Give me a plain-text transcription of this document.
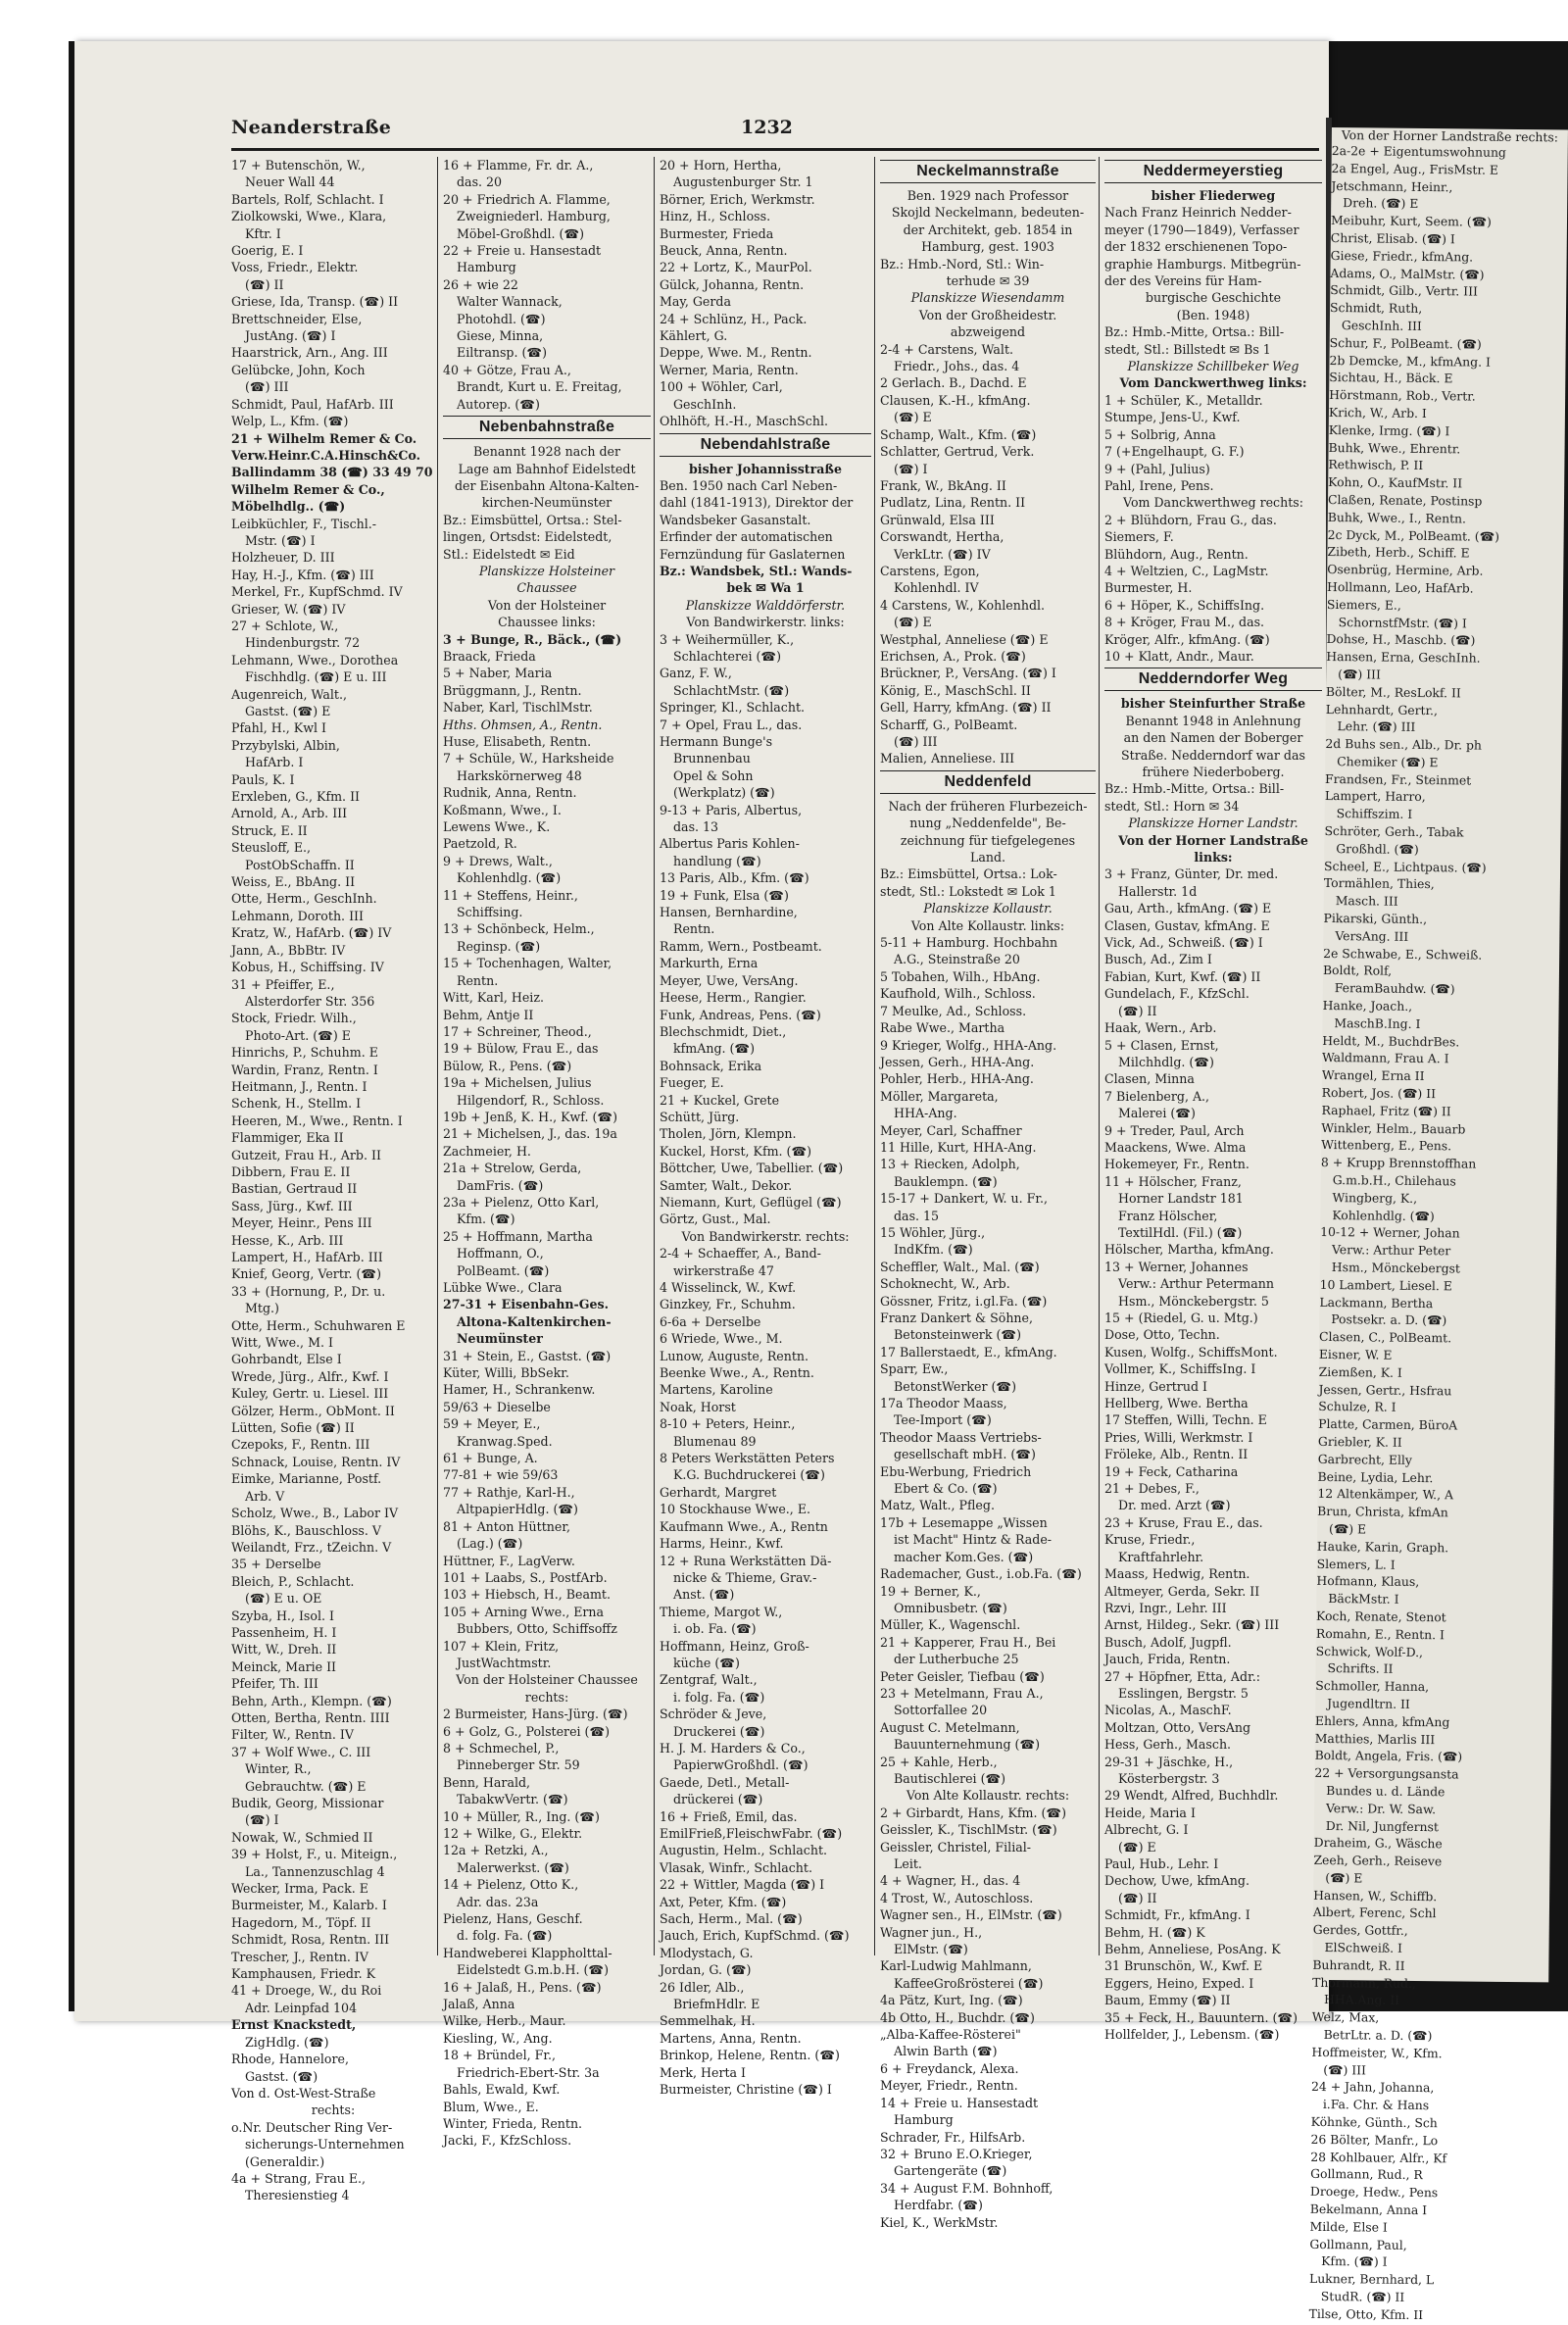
Neanderstraße	1232
17 + Butenschön, W.,
Neuer Wall 44
Bartels, Rolf, Schlacht. I
Ziolkowski, Wwe., Klara,
Kftr. I
Goerig, E. I
Voss, Friedr., Elektr.
(☎) II
Griese, Ida, Transp. (☎) II
Brettschneider, Else,
JustAng. (☎) I
Haarstrick, Arn., Ang. III
Gelübcke, John, Koch
(☎) III
Schmidt, Paul, HafArb. III
Welp, L., Kfm. (☎)
21 + Wilhelm Remer & Co.
Verw.Heinr.C.A.Hinsch&Co.
Ballindamm 38 (☎) 33 49 70
Wilhelm Remer & Co.,
Möbelhdlg.. (☎)
Leibküchler, F., Tischl.-
Mstr. (☎) I
Holzheuer, D. III
Hay, H.-J., Kfm. (☎) III
Merkel, Fr., KupfSchmd. IV
Grieser, W. (☎) IV
27 + Schlote, W.,
Hindenburgstr. 72
Lehmann, Wwe., Dorothea
Fischhdlg. (☎) E u. III
Augenreich, Walt.,
Gastst. (☎) E
Pfahl, H., Kwl I
Przybylski, Albin,
HafArb. I
Pauls, K. I
Erxleben, G., Kfm. II
Arnold, A., Arb. III
Struck, E. II
Steusloff, E.,
PostObSchaffn. II
Weiss, E., BbAng. II
Otte, Herm., GeschInh.
Lehmann, Doroth. III
Kratz, W., HafArb. (☎) IV
Jann, A., BbBtr. IV
Kobus, H., Schiffsing. IV
31 + Pfeiffer, E.,
Alsterdorfer Str. 356
Stock, Friedr. Wilh.,
Photo-Art. (☎) E
Hinrichs, P., Schuhm. E
Wardin, Franz, Rentn. I
Heitmann, J., Rentn. I
Schenk, H., Stellm. I
Heeren, M., Wwe., Rentn. I
Flammiger, Eka II
Gutzeit, Frau H., Arb. II
Dibbern, Frau E. II
Bastian, Gertraud II
Sass, Jürg., Kwf. III
Meyer, Heinr., Pens III
Hesse, K., Arb. III
Lampert, H., HafArb. III
Knief, Georg, Vertr. (☎)
33 + (Hornung, P., Dr. u.
Mtg.)
Otte, Herm., Schuhwaren E
Witt, Wwe., M. I
Gohrbandt, Else I
Wrede, Jürg., Alfr., Kwf. I
Kuley, Gertr. u. Liesel. III
Gölzer, Herm., ObMont. II
Lütten, Sofie (☎) II
Czepoks, F., Rentn. III
Schnack, Louise, Rentn. IV
Eimke, Marianne, Postf.
Arb. V
Scholz, Wwe., B., Labor IV
Blöhs, K., Bauschloss. V
Weilandt, Frz., tZeichn. V
35 + Derselbe
Bleich, P., Schlacht.
(☎) E u. OE
Szyba, H., Isol. I
Passenheim, H. I
Witt, W., Dreh. II
Meinck, Marie II
Pfeifer, Th. III
Behn, Arth., Klempn. (☎)
Otten, Bertha, Rentn. IIII
Filter, W., Rentn. IV
37 + Wolf Wwe., C. III
Winter, R.,
Gebrauchtw. (☎) E
Budik, Georg, Missionar
(☎) I
Nowak, W., Schmied II
39 + Holst, F., u. Miteign.,
La., Tannenzuschlag 4
Wecker, Irma, Pack. E
Burmeister, M., Kalarb. I
Hagedorn, M., Töpf. II
Schmidt, Rosa, Rentn. III
Trescher, J., Rentn. IV
Kamphausen, Friedr. K
41 + Droege, W., du Roi
Adr. Leinpfad 104
Ernst Knackstedt,
ZigHdlg. (☎)
Rhode, Hannelore,
Gastst. (☎)
Von d. Ost-West-Straße
rechts:
o.Nr. Deutscher Ring Ver-
sicherungs-Unternehmen
(Generaldir.)
4a + Strang, Frau E.,
Theresienstieg 4
16 + Flamme, Fr. dr. A.,
das. 20
20 + Friedrich A. Flamme,
Zweigniederl. Hamburg,
Möbel-Großhdl. (☎)
22 + Freie u. Hansestadt
Hamburg
26 + wie 22
Walter Wannack,
Photohdl. (☎)
Giese, Minna,
Eiltransp. (☎)
40 + Götze, Frau A.,
Brandt, Kurt u. E. Freitag,
Autorep. (☎)
Nebenbahnstraße
Benannt 1928 nach der
Lage am Bahnhof Eidelstedt
der Eisenbahn Altona-Kalten-
kirchen-Neumünster
Bz.: Eimsbüttel, Ortsa.: Stel-
lingen, Ortsdst: Eidelstedt,
Stl.: Eidelstedt ✉ Eid
Planskizze Holsteiner
Chaussee
Von der Holsteiner
Chaussee links:
3 + Bunge, R., Bäck., (☎)
Braack, Frieda
5 + Naber, Maria
Brüggmann, J., Rentn.
Naber, Karl, TischlMstr.
Hths. Ohmsen, A., Rentn.
Huse, Elisabeth, Rentn.
7 + Schüle, W., Harksheide
Harkskörnerweg 48
Rudnik, Anna, Rentn.
Koßmann, Wwe., I.
Lewens Wwe., K.
Paetzold, R.
9 + Drews, Walt.,
Kohlenhdlg. (☎)
11 + Steffens, Heinr.,
Schiffsing.
13 + Schönbeck, Helm.,
Reginsp. (☎)
15 + Tochenhagen, Walter,
Rentn.
Witt, Karl, Heiz.
Behm, Antje II
17 + Schreiner, Theod.,
19 + Bülow, Frau E., das
Bülow, R., Pens. (☎)
19a + Michelsen, Julius
Hilgendorf, R., Schloss.
19b + Jenß, K. H., Kwf. (☎)
21 + Michelsen, J., das. 19a
Zachmeier, H.
21a + Strelow, Gerda,
DamFris. (☎)
23a + Pielenz, Otto Karl,
Kfm. (☎)
25 + Hoffmann, Martha
Hoffmann, O.,
PolBeamt. (☎)
Lübke Wwe., Clara
27-31 + Eisenbahn-Ges.
Altona-Kaltenkirchen-
Neumünster
31 + Stein, E., Gastst. (☎)
Küter, Willi, BbSekr.
Hamer, H., Schrankenw.
59/63 + Dieselbe
59 + Meyer, E.,
Kranwag.Sped.
61 + Bunge, A.
77-81 + wie 59/63
77 + Rathje, Karl-H.,
AltpapierHdlg. (☎)
81 + Anton Hüttner,
(Lag.) (☎)
Hüttner, F., LagVerw.
101 + Laabs, S., PostfArb.
103 + Hiebsch, H., Beamt.
105 + Arning Wwe., Erna
Bubbers, Otto, Schiffsoffz
107 + Klein, Fritz,
JustWachtmstr.
Von der Holsteiner Chaussee
rechts:
2 Burmeister, Hans-Jürg. (☎)
6 + Golz, G., Polsterei (☎)
8 + Schmechel, P.,
Pinneberger Str. 59
Benn, Harald,
TabakwVertr. (☎)
10 + Müller, R., Ing. (☎)
12 + Wilke, G., Elektr.
12a + Retzki, A.,
Malerwerkst. (☎)
14 + Pielenz, Otto K.,
Adr. das. 23a
Pielenz, Hans, Geschf.
d. folg. Fa. (☎)
Handweberei Klappholttal-
Eidelstedt G.m.b.H. (☎)
16 + Jalaß, H., Pens. (☎)
Jalaß, Anna
Wilke, Herb., Maur.
Kiesling, W., Ang.
18 + Bründel, Fr.,
Friedrich-Ebert-Str. 3a
Bahls, Ewald, Kwf.
Blum, Wwe., E.
Winter, Frieda, Rentn.
Jacki, F., KfzSchloss.
20 + Horn, Hertha,
Augustenburger Str. 1
Börner, Erich, Werkmstr.
Hinz, H., Schloss.
Burmester, Frieda
Beuck, Anna, Rentn.
22 + Lortz, K., MaurPol.
Gülck, Johanna, Rentn.
May, Gerda
24 + Schlünz, H., Pack.
Kählert, G.
Deppe, Wwe. M., Rentn.
Werner, Maria, Rentn.
100 + Wöhler, Carl,
GeschInh.
Ohlhöft, H.-H., MaschSchl.
Nebendahlstraße
bisher Johannisstraße
Ben. 1950 nach Carl Neben-
dahl (1841-1913), Direktor der
Wandsbeker Gasanstalt.
Erfinder der automatischen
Fernzündung für Gaslaternen
Bz.: Wandsbek, Stl.: Wands-
bek ✉ Wa 1
Planskizze Walddörferstr.
Von Bandwirkerstr. links:
3 + Weihermüller, K.,
Schlachterei (☎)
Ganz, F. W.,
SchlachtMstr. (☎)
Springer, Kl., Schlacht.
7 + Opel, Frau L., das.
Hermann Bunge's
Brunnenbau
Opel & Sohn
(Werkplatz) (☎)
9-13 + Paris, Albertus,
das. 13
Albertus Paris Kohlen-
handlung (☎)
13 Paris, Alb., Kfm. (☎)
19 + Funk, Elsa (☎)
Hansen, Bernhardine,
Rentn.
Ramm, Wern., Postbeamt.
Markurth, Erna
Meyer, Uwe, VersAng.
Heese, Herm., Rangier.
Funk, Andreas, Pens. (☎)
Blechschmidt, Diet.,
kfmAng. (☎)
Bohnsack, Erika
Fueger, E.
21 + Kuckel, Grete
Schütt, Jürg.
Tholen, Jörn, Klempn.
Kuckel, Horst, Kfm. (☎)
Böttcher, Uwe, Tabellier. (☎)
Samter, Walt., Dekor.
Niemann, Kurt, Geflügel (☎)
Görtz, Gust., Mal.
Von Bandwirkerstr. rechts:
2-4 + Schaeffer, A., Band-
wirkerstraße 47
4 Wisselinck, W., Kwf.
Ginzkey, Fr., Schuhm.
6-6a + Derselbe
6 Wriede, Wwe., M.
Lunow, Auguste, Rentn.
Beenke Wwe., A., Rentn.
Martens, Karoline
Noak, Horst
8-10 + Peters, Heinr.,
Blumenau 89
8 Peters Werkstätten Peters
K.G. Buchdruckerei (☎)
Gerhardt, Margret
10 Stockhause Wwe., E.
Kaufmann Wwe., A., Rentn
Harms, Heinr., Kwf.
12 + Runa Werkstätten Dä-
nicke & Thieme, Grav.-
Anst. (☎)
Thieme, Margot W.,
i. ob. Fa. (☎)
Hoffmann, Heinz, Groß-
küche (☎)
Zentgraf, Walt.,
i. folg. Fa. (☎)
Schröder & Jeve,
Druckerei (☎)
H. J. M. Harders & Co.,
PapierwGroßhdl. (☎)
Gaede, Detl., Metall-
drückerei (☎)
16 + Frieß, Emil, das.
EmilFrieß,FleischwFabr. (☎)
Augustin, Helm., Schlacht.
Vlasak, Winfr., Schlacht.
22 + Wittler, Magda (☎) I
Axt, Peter, Kfm. (☎)
Sach, Herm., Mal. (☎)
Jauch, Erich, KupfSchmd. (☎)
Mlodystach, G.
Jordan, G. (☎)
26 Idler, Alb.,
BriefmHdlr. E
Semmelhak, H.
Martens, Anna, Rentn.
Brinkop, Helene, Rentn. (☎)
Merk, Herta I
Burmeister, Christine (☎) I
Neckelmannstraße
Ben. 1929 nach Professor
Skojld Neckelmann, bedeuten-
der Architekt, geb. 1854 in
Hamburg, gest. 1903
Bz.: Hmb.-Nord, Stl.: Win-
terhude ✉ 39
Planskizze Wiesendamm
Von der Großheidestr.
abzweigend
2-4 + Carstens, Walt.
Friedr., Johs., das. 4
2 Gerlach. B., Dachd. E
Clausen, K.-H., kfmAng.
(☎) E
Schamp, Walt., Kfm. (☎)
Schlatter, Gertrud, Verk.
(☎) I
Frank, W., BkAng. II
Pudlatz, Lina, Rentn. II
Grünwald, Elsa III
Corswandt, Hertha,
VerkLtr. (☎) IV
Carstens, Egon,
Kohlenhdl. IV
4 Carstens, W., Kohlenhdl.
(☎) E
Westphal, Anneliese (☎) E
Erichsen, A., Prok. (☎)
Brückner, P., VersAng. (☎) I
König, E., MaschSchl. II
Gell, Harry, kfmAng. (☎) II
Scharff, G., PolBeamt.
(☎) III
Malien, Anneliese. III
Neddenfeld
Nach der früheren Flurbezeich-
nung „Neddenfelde", Be-
zeichnung für tiefgelegenes
Land.
Bz.: Eimsbüttel, Ortsa.: Lok-
stedt, Stl.: Lokstedt ✉ Lok 1
Planskizze Kollaustr.
Von Alte Kollaustr. links:
5-11 + Hamburg. Hochbahn
A.G., Steinstraße 20
5 Tobahen, Wilh., HbAng.
Kaufhold, Wilh., Schloss.
7 Meulke, Ad., Schloss.
Rabe Wwe., Martha
9 Krieger, Wolfg., HHA-Ang.
Jessen, Gerh., HHA-Ang.
Pohler, Herb., HHA-Ang.
Möller, Margareta,
HHA-Ang.
Meyer, Carl, Schaffner
11 Hille, Kurt, HHA-Ang.
13 + Riecken, Adolph,
Bauklempn. (☎)
15-17 + Dankert, W. u. Fr.,
das. 15
15 Wöhler, Jürg.,
IndKfm. (☎)
Scheffler, Walt., Mal. (☎)
Schoknecht, W., Arb.
Gössner, Fritz, i.gl.Fa. (☎)
Franz Dankert & Söhne,
Betonsteinwerk (☎)
17 Ballerstaedt, E., kfmAng.
Sparr, Ew.,
BetonstWerker (☎)
17a Theodor Maass,
Tee-Import (☎)
Theodor Maass Vertriebs-
gesellschaft mbH. (☎)
Ebu-Werbung, Friedrich
Ebert & Co. (☎)
Matz, Walt., Pfleg.
17b + Lesemappe „Wissen
ist Macht" Hintz & Rade-
macher Kom.Ges. (☎)
Rademacher, Gust., i.ob.Fa. (☎)
19 + Berner, K.,
Omnibusbetr. (☎)
Müller, K., Wagenschl.
21 + Kapperer, Frau H., Bei
der Lutherbuche 25
Peter Geisler, Tiefbau (☎)
23 + Metelmann, Frau A.,
Sottorfallee 20
August C. Metelmann,
Bauunternehmung (☎)
25 + Kahle, Herb.,
Bautischlerei (☎)
Von Alte Kollaustr. rechts:
2 + Girbardt, Hans, Kfm. (☎)
Geissler, K., TischlMstr. (☎)
Geissler, Christel, Filial-
Leit.
4 + Wagner, H., das. 4
4 Trost, W., Autoschloss.
Wagner sen., H., ElMstr. (☎)
Wagner jun., H.,
ElMstr. (☎)
Karl-Ludwig Mahlmann,
KaffeeGroßrösterei (☎)
4a Pätz, Kurt, Ing. (☎)
4b Otto, H., Buchdr. (☎)
„Alba-Kaffee-Rösterei"
Alwin Barth (☎)
6 + Freydanck, Alexa.
Meyer, Friedr., Rentn.
14 + Freie u. Hansestadt
Hamburg
Schrader, Fr., HilfsArb.
32 + Bruno E.O.Krieger,
Gartengeräte (☎)
34 + August F.M. Bohnhoff,
Herdfabr. (☎)
Kiel, K., WerkMstr.
Neddermeyerstieg
bisher Fliederweg
Nach Franz Heinrich Nedder-
meyer (1790—1849), Verfasser
der 1832 erschienenen Topo-
graphie Hamburgs. Mitbegrün-
der des Vereins für Ham-
burgische Geschichte
(Ben. 1948)
Bz.: Hmb.-Mitte, Ortsa.: Bill-
stedt, Stl.: Billstedt ✉ Bs 1
Planskizze Schillbeker Weg
Vom Danckwerthweg links:
1 + Schüler, K., Metalldr.
Stumpe, Jens-U., Kwf.
5 + Solbrig, Anna
7 (+Engelhaupt, G. F.)
9 + (Pahl, Julius)
Pahl, Irene, Pens.
Vom Danckwerthweg rechts:
2 + Blühdorn, Frau G., das.
Siemers, F.
Blühdorn, Aug., Rentn.
4 + Weltzien, C., LagMstr.
Burmester, H.
6 + Höper, K., SchiffsIng.
8 + Kröger, Frau M., das.
Kröger, Alfr., kfmAng. (☎)
10 + Klatt, Andr., Maur.
Nedderndorfer Weg
bisher Steinfurther Straße
Benannt 1948 in Anlehnung
an den Namen der Boberger
Straße. Nedderndorf war das
frühere Niederboberg.
Bz.: Hmb.-Mitte, Ortsa.: Bill-
stedt, Stl.: Horn ✉ 34
Planskizze Horner Landstr.
Von der Horner Landstraße
links:
3 + Franz, Günter, Dr. med.
Hallerstr. 1d
Gau, Arth., kfmAng. (☎) E
Clasen, Gustav, kfmAng. E
Vick, Ad., Schweiß. (☎) I
Busch, Ad., Zim I
Fabian, Kurt, Kwf. (☎) II
Gundelach, F., KfzSchl.
(☎) II
Haak, Wern., Arb.
5 + Clasen, Ernst,
Milchhdlg. (☎)
Clasen, Minna
7 Bielenberg, A.,
Malerei (☎)
9 + Treder, Paul, Arch
Maackens, Wwe. Alma
Hokemeyer, Fr., Rentn.
11 + Hölscher, Franz,
Horner Landstr 181
Franz Hölscher,
TextilHdl. (Fil.) (☎)
Hölscher, Martha, kfmAng.
13 + Werner, Johannes
Verw.: Arthur Petermann
Hsm., Mönckebergstr. 5
15 + (Riedel, G. u. Mtg.)
Dose, Otto, Techn.
Kusen, Wolfg., SchiffsMont.
Vollmer, K., SchiffsIng. I
Hinze, Gertrud I
Hellberg, Wwe. Bertha
17 Steffen, Willi, Techn. E
Pries, Willi, Werkmstr. I
Fröleke, Alb., Rentn. II
19 + Feck, Catharina
21 + Debes, F.,
Dr. med. Arzt (☎)
23 + Kruse, Frau E., das.
Kruse, Friedr.,
Kraftfahrlehr.
Maass, Hedwig, Rentn.
Altmeyer, Gerda, Sekr. II
Rzvi, Ingr., Lehr. III
Arnst, Hildeg., Sekr. (☎) III
Busch, Adolf, Jugpfl.
Jauch, Frida, Rentn.
27 + Höpfner, Etta, Adr.:
Esslingen, Bergstr. 5
Nicolas, A., MaschF.
Moltzan, Otto, VersAng
Hess, Gerh., Masch.
29-31 + Jäschke, H.,
Kösterbergstr. 3
29 Wendt, Alfred, Buchhdlr.
Heide, Maria I
Albrecht, G. I
(☎) E
Paul, Hub., Lehr. I
Dechow, Uwe, kfmAng.
(☎) II
Schmidt, Fr., kfmAng. I
Behm, H. (☎) K
Behm, Anneliese, PosAng. K
31 Brunschön, W., Kwf. E
Eggers, Heino, Exped. I
Baum, Emmy (☎) II
35 + Feck, H., Bauuntern. (☎)
Hollfelder, J., Lebensm. (☎)
Von der Horner Landstraße rechts:
2a-2e + Eigentumswohnung
2a Engel, Aug., FrisMstr. E
Jetschmann, Heinr.,
Dreh. (☎) E
Meibuhr, Kurt, Seem. (☎)
Christ, Elisab. (☎) I
Giese, Friedr., kfmAng.
Adams, O., MalMstr. (☎)
Schmidt, Gilb., Vertr. III
Schmidt, Ruth,
GeschInh. III
Schur, F., PolBeamt. (☎)
2b Demcke, M., kfmAng. I
Sichtau, H., Bäck. E
Hörstmann, Rob., Vertr.
Krich, W., Arb. I
Klenke, Irmg. (☎) I
Buhk, Wwe., Ehrentr.
Rethwisch, P. II
Kohn, O., KaufMstr. II
Claßen, Renate, Postinsp
Buhk, Wwe., I., Rentn.
2c Dyck, M., PolBeamt. (☎)
Zibeth, Herb., Schiff. E
Osenbrüg, Hermine, Arb.
Hollmann, Leo, HafArb.
Siemers, E.,
SchornstfMstr. (☎) I
Dohse, H., Maschb. (☎)
Hansen, Erna, GeschInh.
(☎) III
Bölter, M., ResLokf. II
Lehnhardt, Gertr.,
Lehr. (☎) III
2d Buhs sen., Alb., Dr. ph
Chemiker (☎) E
Frandsen, Fr., Steinmet
Lampert, Harro,
Schiffszim. I
Schröter, Gerh., Tabak
Großhdl. (☎)
Scheel, E., Lichtpaus. (☎)
Tormählen, Thies,
Masch. III
Pikarski, Günth.,
VersAng. III
2e Schwabe, E., Schweiß.
Boldt, Rolf,
FeramBauhdw. (☎)
Hanke, Joach.,
MaschB.Ing. I
Heldt, M., BuchdrBes.
Waldmann, Frau A. I
Wrangel, Erna II
Robert, Jos. (☎) II
Raphael, Fritz (☎) II
Winkler, Helm., Bauarb
Wittenberg, E., Pens.
8 + Krupp Brennstoffhan
G.m.b.H., Chilehaus
Wingberg, K.,
Kohlenhdlg. (☎)
10-12 + Werner, Johan
Verw.: Arthur Peter
Hsm., Mönckebergst
10 Lambert, Liesel. E
Lackmann, Bertha
Postsekr. a. D. (☎)
Clasen, C., PolBeamt.
Eisner, W. E
Ziemßen, K. I
Jessen, Gertr., Hsfrau
Schulze, R. I
Platte, Carmen, BüroA
Griebler, K. II
Garbrecht, Elly
Beine, Lydia, Lehr.
12 Altenkämper, W., A
Brun, Christa, kfmAn
(☎) E
Hauke, Karin, Graph.
Slemers, L. I
Hofmann, Klaus,
BäckMstr. I
Koch, Renate, Stenot
Romahn, E., Rentn. I
Schwick, Wolf-D.,
Schrifts. II
Schmoller, Hanna,
Jugendltrn. II
Ehlers, Anna, kfmAng
Matthies, Marlis III
Boldt, Angela, Fris. (☎)
22 + Versorgungsansta
Bundes u. d. Lände
Verw.: Dr. W. Saw.
Dr. Nil, Jungfernst
Draheim, G., Wäsche
Zeeh, Gerh., Reiseve
(☎) E
Hansen, W., Schiffb.
Albert, Ferenc, Schl
Gerdes, Gottfr.,
ElSchweiß. I
Buhrandt, R. II
Thormann, Rud.,
HHA.Ang. II
Welz, Max,
BetrLtr. a. D. (☎)
Hoffmeister, W., Kfm.
(☎) III
24 + Jahn, Johanna,
i.Fa. Chr. & Hans
Köhnke, Günth., Sch
26 Bölter, Manfr., Lo
28 Kohlbauer, Alfr., Kf
Gollmann, Rud., R
Droege, Hedw., Pens
Bekelmann, Anna I
Milde, Else I
Gollmann, Paul,
Kfm. (☎) I
Lukner, Bernhard, L
StudR. (☎) II
Tilse, Otto, Kfm. II
